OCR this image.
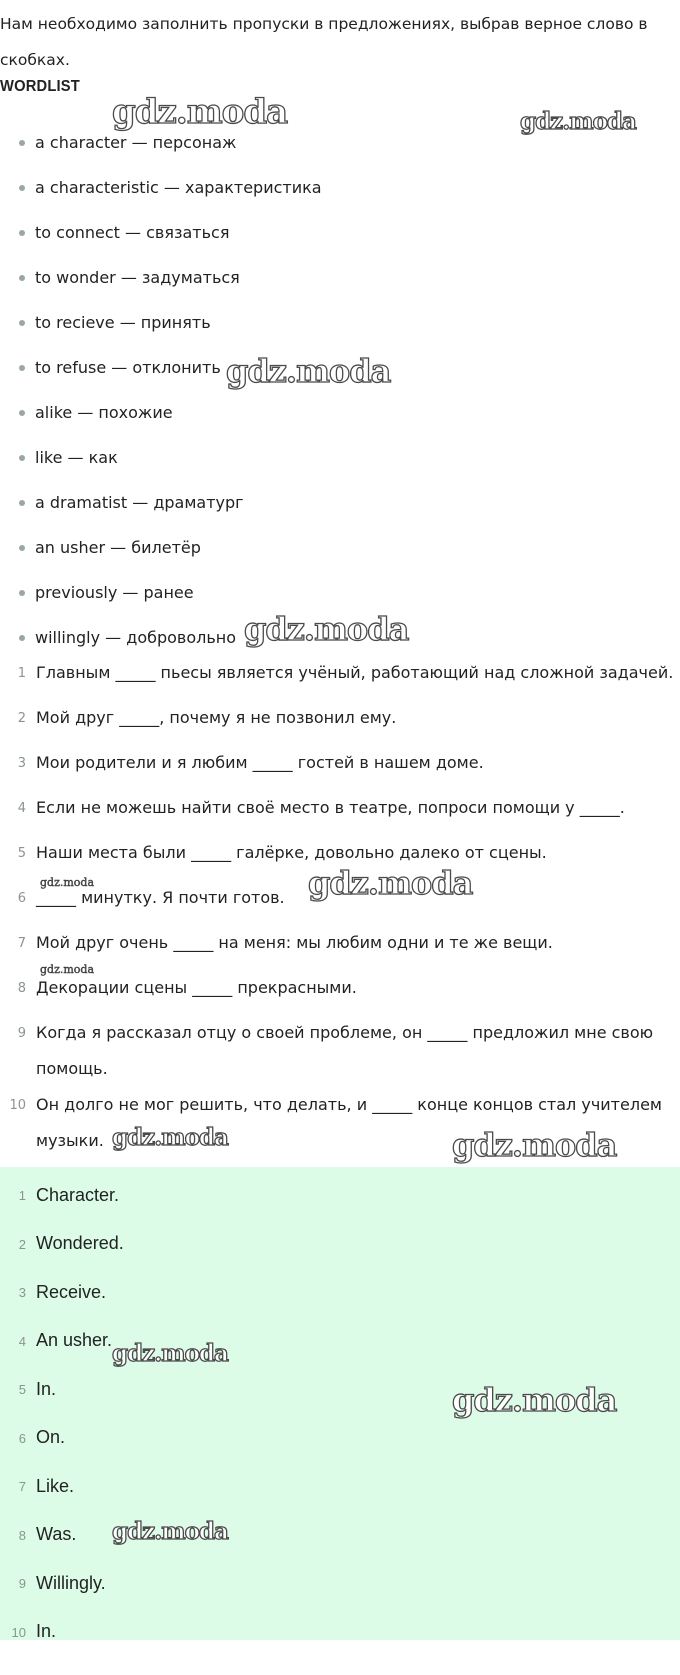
Нам необходимо заполнить пропуски в предложениях, выбрав верное слово в скобках.

WORDLIST
a character — персонаж
a characteristic — характеристика
to connect — связаться
to wonder — задуматься
to recieve — принять
to refuse — отклонить
alike — похожие
like — как
a dramatist — драматург
an usher — билетёр
previously — ранее
willingly — добровольно
1 Главным _____ пьесы является учёный, работающий над сложной задачей.
2 Мой друг _____, почему я не позвонил ему.
3 Мои родители и я любим _____ гостей в нашем доме.
4 Если не можешь найти своё место в театре, попроси помощи у _____.
5 Наши места были _____ галёрке, довольно далеко от сцены.
6 _____ минутку. Я почти готов.
7 Мой друг очень _____ на меня: мы любим одни и те же вещи.
8 Декорации сцены _____ прекрасными.
9 Когда я рассказал отцу о своей проблеме, он _____ предложил мне свою помощь.
10 Он долго не мог решить, что делать, и _____ конце концов стал учителем музыки.
1 Character.
2 Wondered.
3 Receive.
4 An usher.
5 In.
6 On.
7 Like.
8 Was.
9 Willingly.
10 In.
gdz.moda	gdz.moda
gdz.moda
gdz.moda
gdz.moda	gdz.moda
gdz.moda
gdz.moda	gdz.moda
gdz.moda
gdz.moda
gdz.moda
